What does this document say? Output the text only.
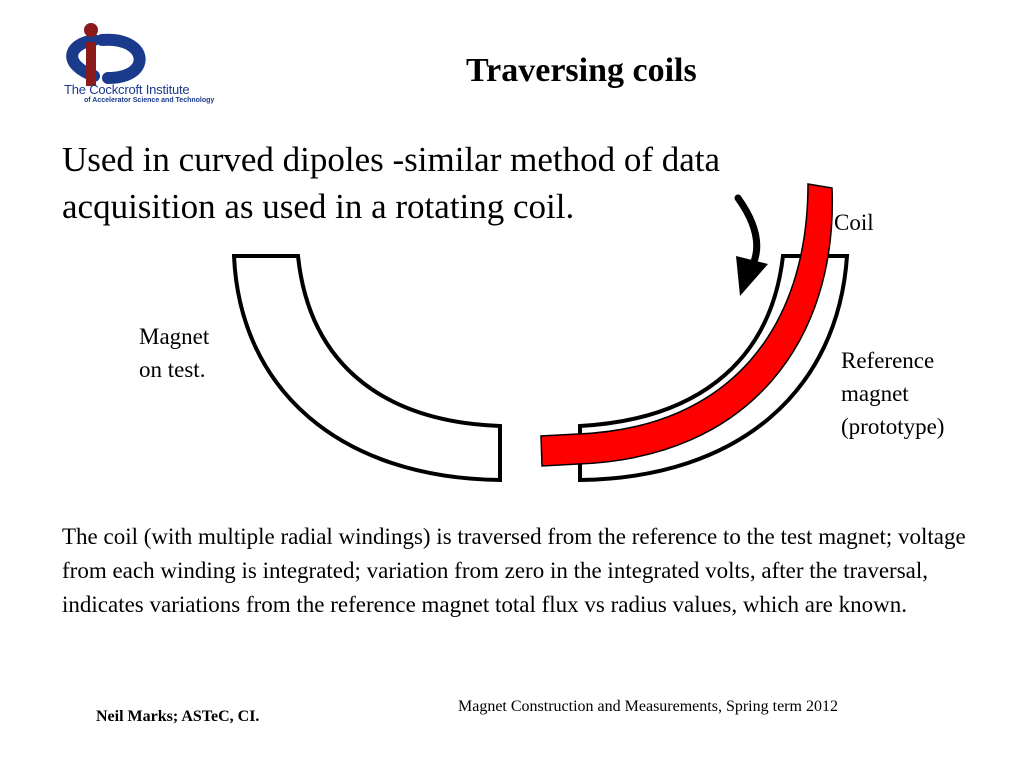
The Cockcroft Institute
of Accelerator Science and Technology
Traversing coils
Used in curved dipoles -similar method of data acquisition as used in a rotating coil.	Coil
Magnet
on test.	Reference
magnet
(prototype)
The coil (with multiple radial windings) is traversed from the reference to the test magnet; voltage from each winding is integrated; variation from zero in the integrated volts, after the traversal, indicates variations from the reference magnet total flux vs radius values, which are known.
Neil Marks; ASTeC, CI.
Magnet Construction and Measurements, Spring term 2012
